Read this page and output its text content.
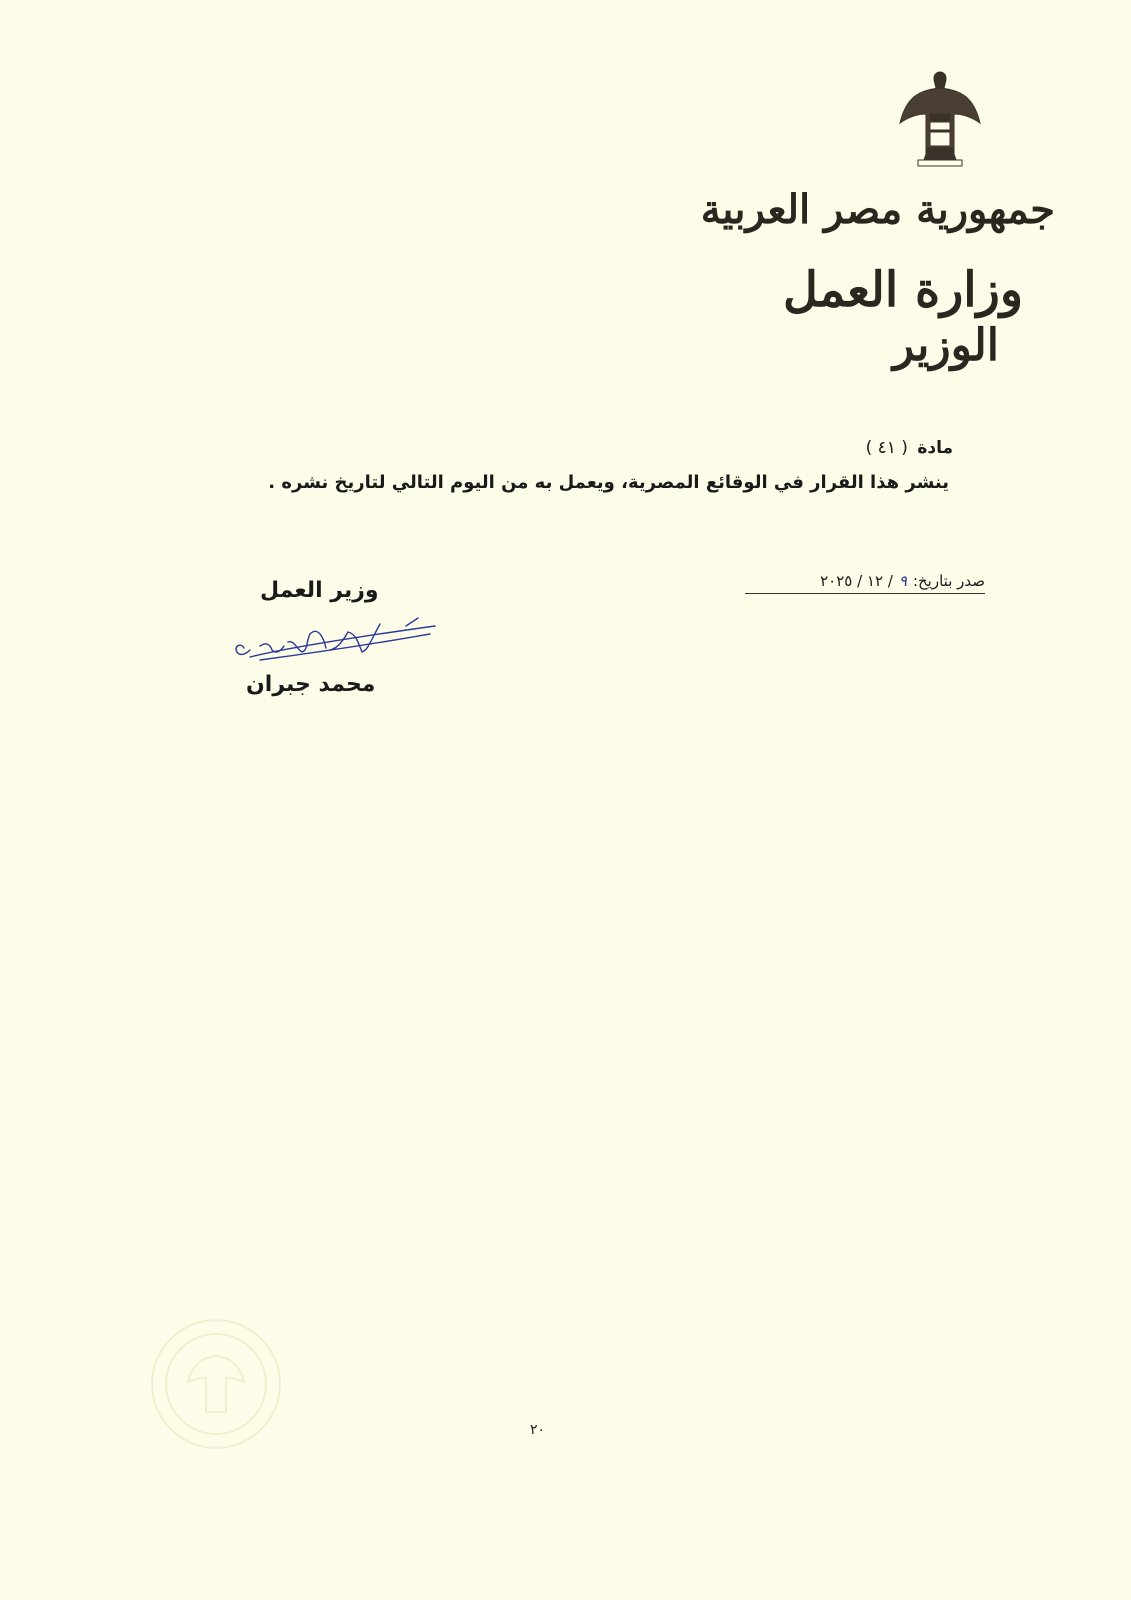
جمهورية مصر العربية
وزارة العمل
الوزير
مادة ( ٤١ )
ينشر هذا القرار في الوقائع المصرية، ويعمل به من اليوم التالي لتاريخ نشره .
صدر بتاريخ:٩/ ١٢ / ٢٠٢٥
وزير العمل
محمد جبران
٢٠
